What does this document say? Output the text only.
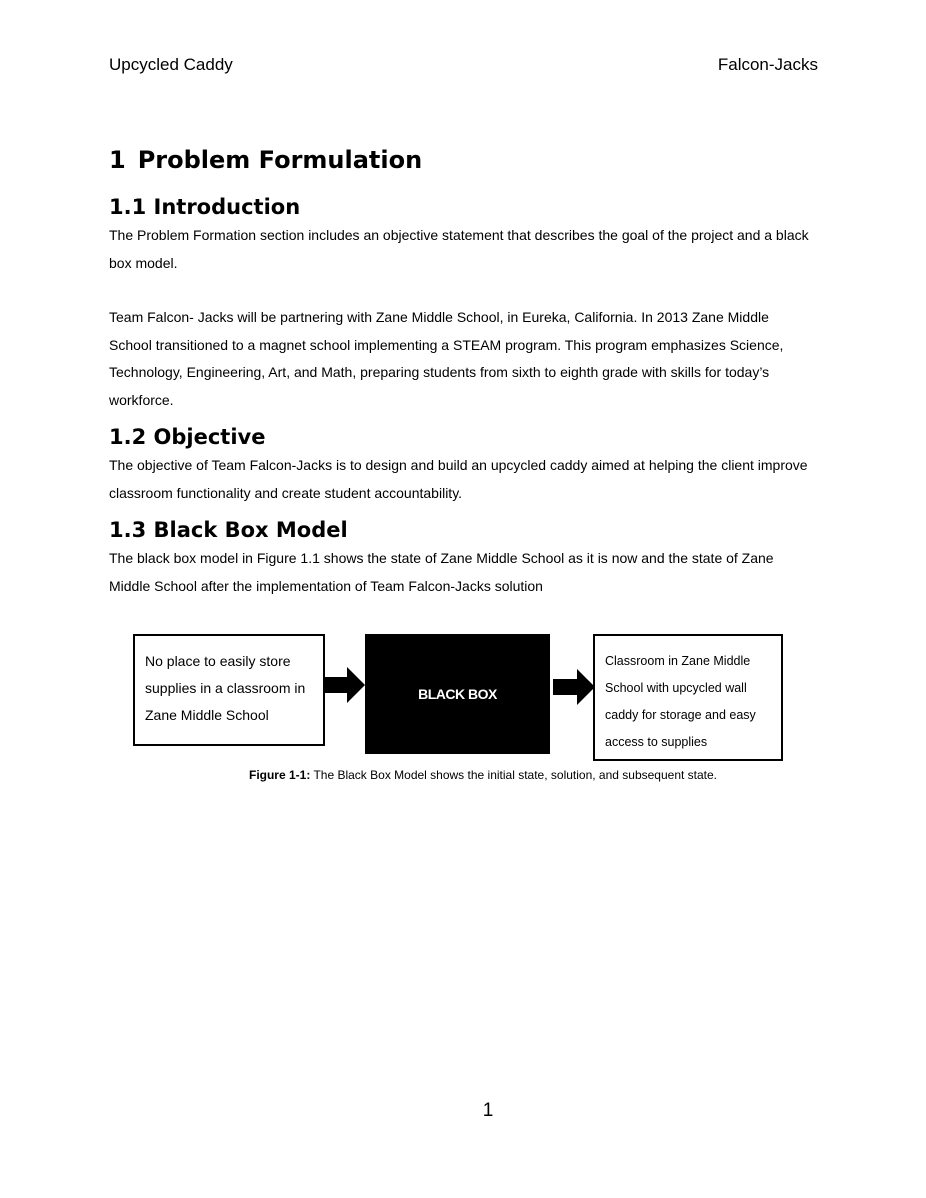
Upcycled Caddy	Falcon-Jacks
1 Problem Formulation
1.1 Introduction

The Problem Formation section includes an objective statement that describes the goal of the project and a black box model.

Team Falcon- Jacks will be partnering with Zane Middle School, in Eureka, California. In 2013 Zane Middle School transitioned to a magnet school implementing a STEAM program. This program emphasizes Science, Technology, Engineering, Art, and Math, preparing students from sixth to eighth grade with skills for today’s workforce.

1.2 Objective

The objective of Team Falcon-Jacks is to design and build an upcycled caddy aimed at helping the client improve classroom functionality and create student accountability.

1.3 Black Box Model

The black box model in Figure 1.1 shows the state of Zane Middle School as it is now and the state of Zane Middle School after the implementation of Team Falcon-Jacks solution

No place to easily store supplies in a classroom in Zane Middle School
BLACK BOX
Classroom in Zane Middle School with upcycled wall caddy for storage and easy access to supplies
Figure 1-1: The Black Box Model shows the initial state, solution, and subsequent state.
1
